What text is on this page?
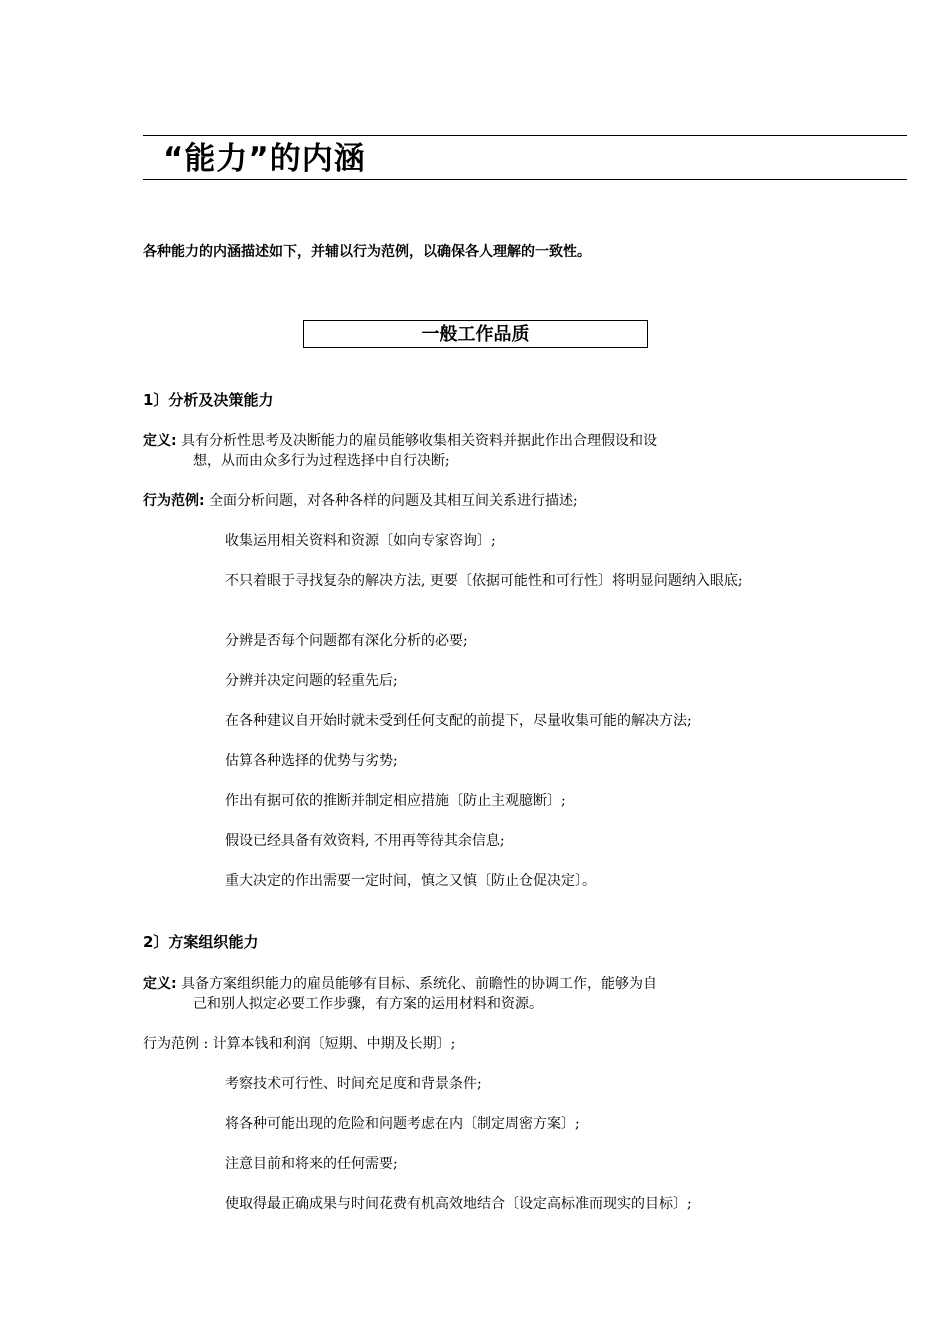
“能力”的内涵
各种能力的内涵描述如下，并辅以行为范例，以确保各人理解的一致性。
一般工作品质
1〕分析及决策能力
定义: 具有分析性思考及决断能力的雇员能够收集相关资料并据此作出合理假设和设
想，从而由众多行为过程选择中自行决断;
行为范例: 全面分析问题，对各种各样的问题及其相互间关系进行描述;
收集运用相关资料和资源〔如向专家咨询〕;
不只着眼于寻找复杂的解决方法, 更要〔依据可能性和可行性〕将明显问题纳入眼底;
分辨是否每个问题都有深化分析的必要;
分辨并决定问题的轻重先后;
在各种建议自开始时就未受到任何支配的前提下，尽量收集可能的解决方法;
估算各种选择的优势与劣势;
作出有据可依的推断并制定相应措施〔防止主观臆断〕;
假设已经具备有效资料, 不用再等待其余信息;
重大决定的作出需要一定时间，慎之又慎〔防止仓促决定〕。
2〕方案组织能力
定义: 具备方案组织能力的雇员能够有目标、系统化、前瞻性的协调工作，能够为自
己和别人拟定必要工作步骤，有方案的运用材料和资源。
行为范例 : 计算本钱和利润〔短期、中期及长期〕;
考察技术可行性、时间充足度和背景条件;
将各种可能出现的危险和问题考虑在内〔制定周密方案〕;
注意目前和将来的任何需要;
使取得最正确成果与时间花费有机高效地结合〔设定高标准而现实的目标〕;
